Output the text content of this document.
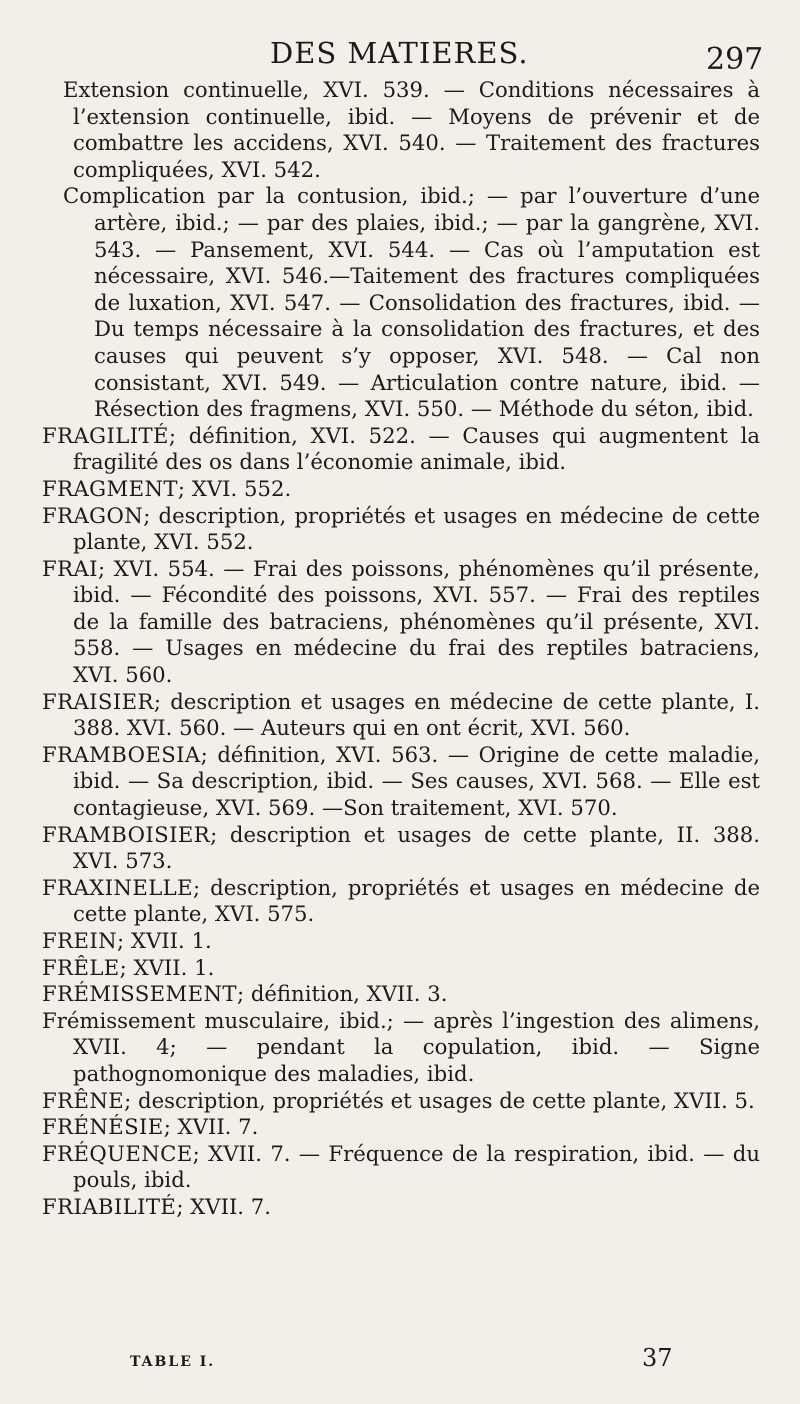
DES MATIERES.	297
Extension continuelle, XVI. 539. — Conditions nécessaires à l’extension continuelle, ibid. — Moyens de prévenir et de combattre les accidens, XVI. 540. — Traitement des fractures compliquées, XVI. 542.
Complication par la contusion, ibid.; — par l’ouverture d’une artère, ibid.; — par des plaies, ibid.; — par la gangrène, XVI. 543. — Pansement, XVI. 544. — Cas où l’amputation est nécessaire, XVI. 546.—Taitement des fractures compliquées de luxation, XVI. 547. — Consolidation des fractures, ibid. — Du temps nécessaire à la consolidation des fractures, et des causes qui peuvent s’y opposer, XVI. 548. — Cal non consistant, XVI. 549. — Articulation contre nature, ibid. — Résection des fragmens, XVI. 550. — Méthode du séton, ibid.
FRAGILITÉ; définition, XVI. 522. — Causes qui augmentent la fragilité des os dans l’économie animale, ibid.
FRAGMENT; XVI. 552.
FRAGON; description, propriétés et usages en médecine de cette plante, XVI. 552.
FRAI; XVI. 554. — Frai des poissons, phénomènes qu’il présente, ibid. — Fécondité des poissons, XVI. 557. — Frai des reptiles de la famille des batraciens, phénomènes qu’il présente, XVI. 558. — Usages en médecine du frai des reptiles batraciens, XVI. 560.
FRAISIER; description et usages en médecine de cette plante, I. 388. XVI. 560. — Auteurs qui en ont écrit, XVI. 560.
FRAMBOESIA; définition, XVI. 563. — Origine de cette maladie, ibid. — Sa description, ibid. — Ses causes, XVI. 568. — Elle est contagieuse, XVI. 569. —Son traitement, XVI. 570.
FRAMBOISIER; description et usages de cette plante, II. 388. XVI. 573.
FRAXINELLE; description, propriétés et usages en médecine de cette plante, XVI. 575.
FREIN; XVII. 1.
FRÊLE; XVII. 1.
FRÉMISSEMENT; définition, XVII. 3.
Frémissement musculaire, ibid.; — après l’ingestion des alimens, XVII. 4; — pendant la copulation, ibid. — Signe pathognomonique des maladies, ibid.
FRÊNE; description, propriétés et usages de cette plante, XVII. 5.
FRÉNÉSIE; XVII. 7.
FRÉQUENCE; XVII. 7. — Fréquence de la respiration, ibid. — du pouls, ibid.
FRIABILITÉ; XVII. 7.
TABLE I.	37
